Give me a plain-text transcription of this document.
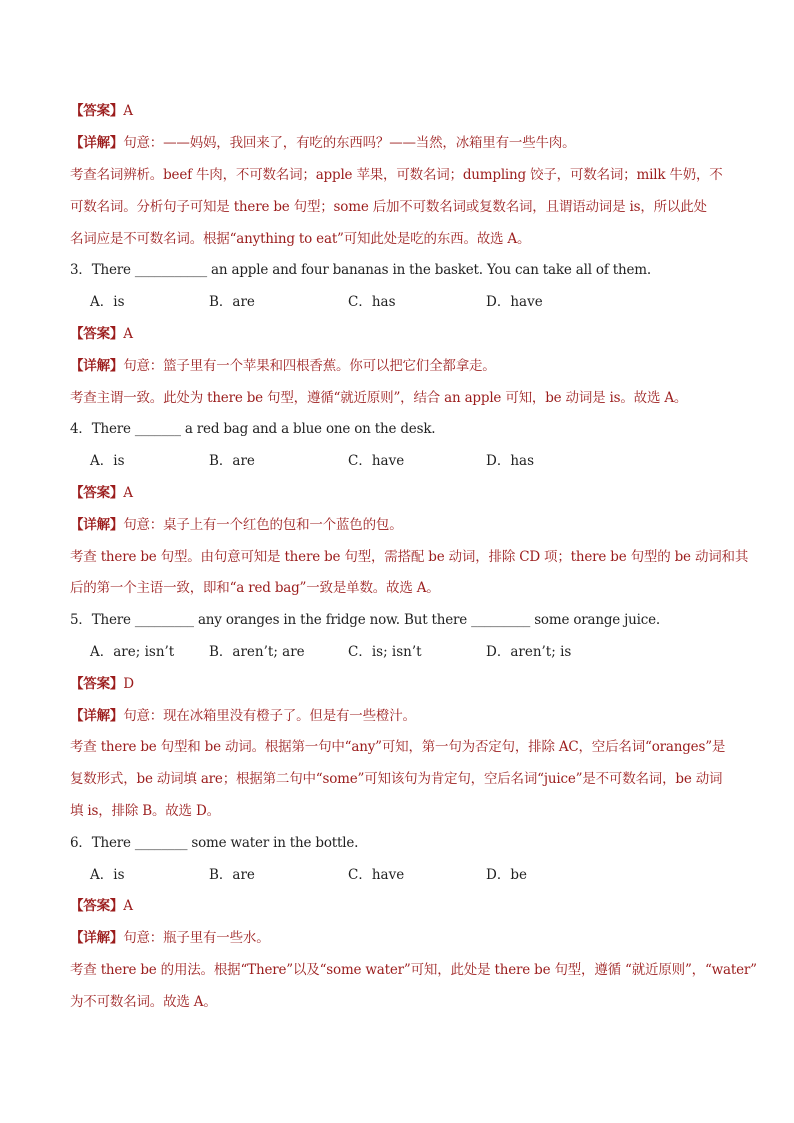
【答案】A
【详解】句意：——妈妈，我回来了，有吃的东西吗？——当然，冰箱里有一些牛肉。
考查名词辨析。beef 牛肉，不可数名词；apple 苹果，可数名词；dumpling 饺子，可数名词；milk 牛奶，不
可数名词。分析句子可知是 there be 句型；some 后加不可数名词或复数名词，且谓语动词是 is，所以此处
名词应是不可数名词。根据“anything to eat”可知此处是吃的东西。故选 A。
3．There ___________ an apple and four bananas in the basket. You can take all of them.
A．is	B．are	C．has	D．have
【答案】A
【详解】句意：篮子里有一个苹果和四根香蕉。你可以把它们全都拿走。
考查主谓一致。此处为 there be 句型，遵循“就近原则”，结合 an apple 可知，be 动词是 is。故选 A。
4．There _______ a red bag and a blue one on the desk.
A．is	B．are	C．have	D．has
【答案】A
【详解】句意：桌子上有一个红色的包和一个蓝色的包。
考查 there be 句型。由句意可知是 there be 句型，需搭配 be 动词，排除 CD 项；there be 句型的 be 动词和其
后的第一个主语一致，即和“a red bag”一致是单数。故选 A。
5．There _________ any oranges in the fridge now. But there _________ some orange juice.
A．are; isn’t	B．aren’t; are	C．is; isn’t	D．aren’t; is
【答案】D
【详解】句意：现在冰箱里没有橙子了。但是有一些橙汁。
考查 there be 句型和 be 动词。根据第一句中“any”可知，第一句为否定句，排除 AC，空后名词“oranges”是
复数形式，be 动词填 are；根据第二句中“some”可知该句为肯定句，空后名词“juice”是不可数名词，be 动词
填 is，排除 B。故选 D。
6．There ________ some water in the bottle.
A．is	B．are	C．have	D．be
【答案】A
【详解】句意：瓶子里有一些水。
考查 there be 的用法。根据“There”以及“some water”可知，此处是 there be 句型，遵循 “就近原则”，“water”
为不可数名词。故选 A。
